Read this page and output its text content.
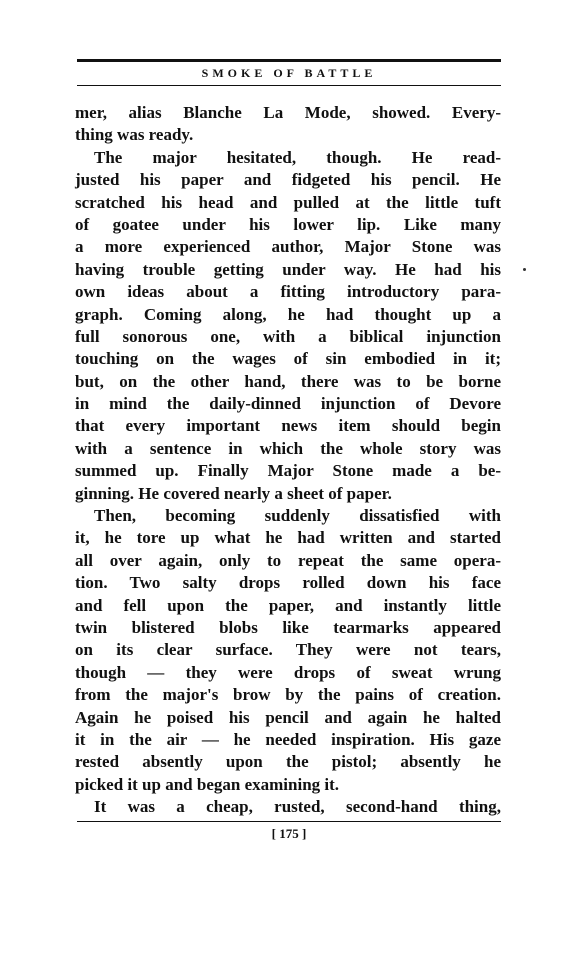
SMOKE OF BATTLE
mer, alias Blanche La Mode, showed. Every-
thing was ready.
The major hesitated, though. He read-
justed his paper and fidgeted his pencil. He
scratched his head and pulled at the little tuft
of goatee under his lower lip. Like many
a more experienced author, Major Stone was
having trouble getting under way. He had his
own ideas about a fitting introductory para-
graph. Coming along, he had thought up a
full sonorous one, with a biblical injunction
touching on the wages of sin embodied in it;
but, on the other hand, there was to be borne
in mind the daily-dinned injunction of Devore
that every important news item should begin
with a sentence in which the whole story was
summed up. Finally Major Stone made a be-
ginning. He covered nearly a sheet of paper.
Then, becoming suddenly dissatisfied with
it, he tore up what he had written and started
all over again, only to repeat the same opera-
tion. Two salty drops rolled down his face
and fell upon the paper, and instantly little
twin blistered blobs like tearmarks appeared
on its clear surface. They were not tears,
though — they were drops of sweat wrung
from the major's brow by the pains of creation.
Again he poised his pencil and again he halted
it in the air — he needed inspiration. His gaze
rested absently upon the pistol; absently he
picked it up and began examining it.
It was a cheap, rusted, second-hand thing,
[ 175 ]
